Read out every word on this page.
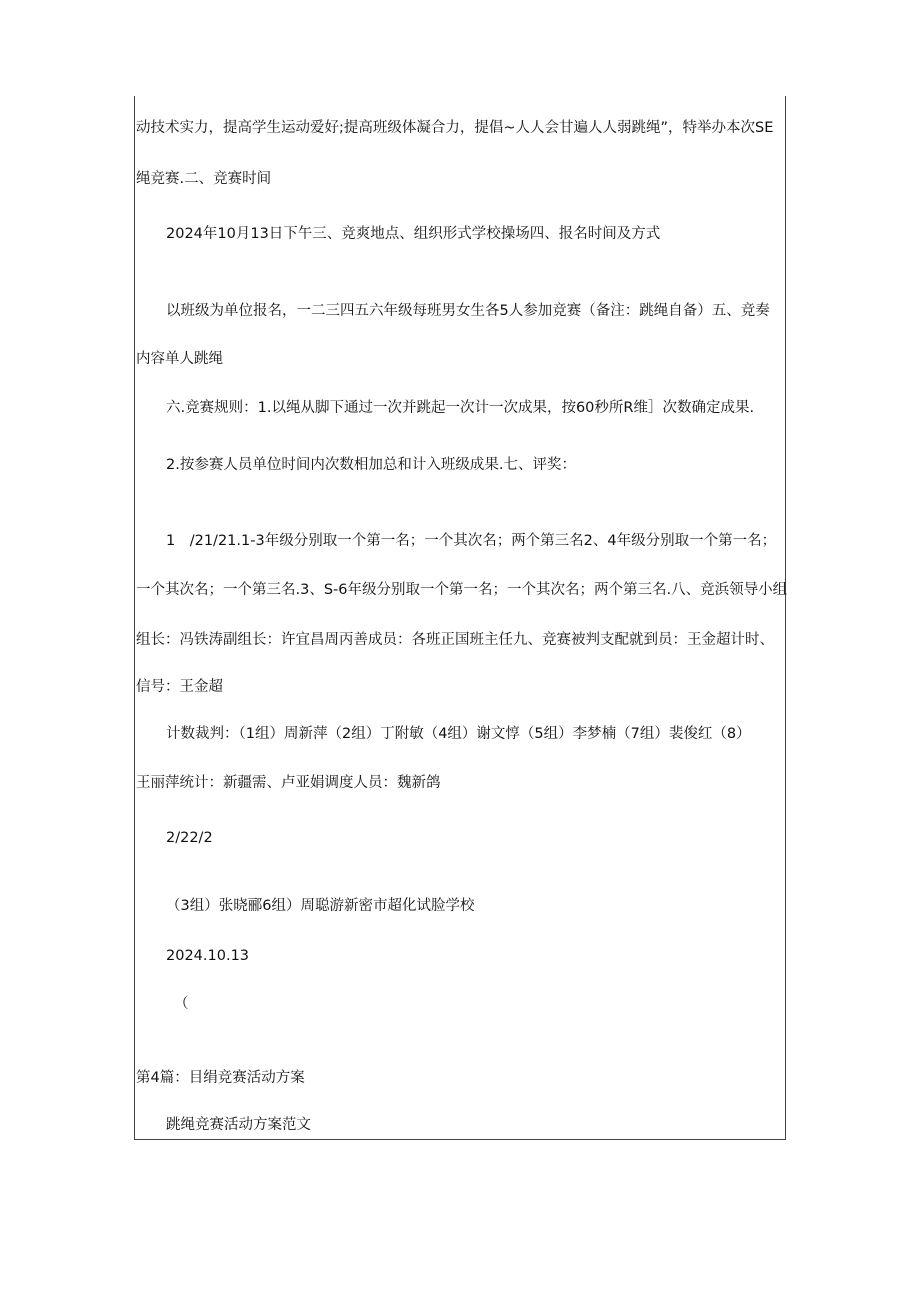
动技术实力，提高学生运动爱好;提高班级体凝合力，提倡~人人会甘遍人人弱跳绳”，特举办本次SE
绳竞赛.二、竞赛时间
2024年10月13日下午三、竞爽地点、组织形式学校操场四、报名时间及方式
以班级为单位报名，一二三四五六年级每班男女生各5人参加竞赛（备注：跳绳自备）五、竞奏
内容单人跳绳
六.竞赛规则：1.以绳从脚下通过一次并跳起一次计一次成果，按60秒所R维］次数确定成果.
2.按参赛人员单位时间内次数相加总和计入班级成果.七、评奖：
1　/21/21.1-3年级分别取一个第一名；一个其次名；两个第三名2、4年级分别取一个第一名；
一个其次名；一个第三名.3、S-6年级分别取一个第一名；一个其次名；两个第三名.八、竞浜领导小组
组长：冯铁涛副组长：许宜昌周丙善成员：各班正国班主任九、竞赛被判支配就到员：王金超计时、
信号：王金超
计数裁判：（1组）周新萍（2组）丁附敏（4组）谢文惇（5组）李梦楠（7组）裴俊红（8）
王丽萍统计：新疆需、卢亚娟调度人员：魏新鸽
2/22/2
（3组）张晓郦6组）周聪游新密市超化试脸学校
2024.10.13
（
第4篇：目绢竞赛活动方案
跳绳竞赛活动方案范文
